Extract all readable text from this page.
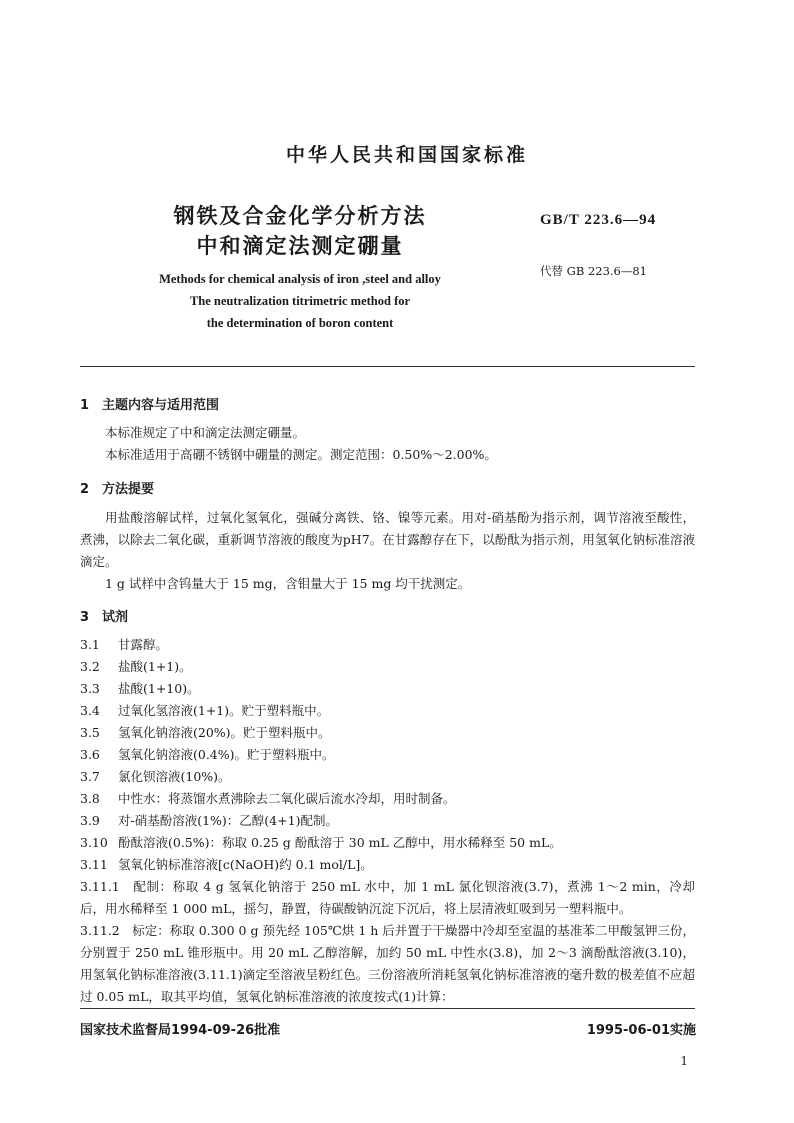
中华人民共和国国家标准
钢铁及合金化学分析方法
中和滴定法测定硼量
GB/T 223.6—94
代替 GB 223.6—81
Methods for chemical analysis of iron ,steel and alloy
The neutralization titrimetric method for
the determination of boron content
1 主题内容与适用范围
本标准规定了中和滴定法测定硼量。
本标准适用于高硼不锈钢中硼量的测定。测定范围：0.50%～2.00%。
2 方法提要
用盐酸溶解试样，过氧化氢氧化，强碱分离铁、铬、镍等元素。用对-硝基酚为指示剂，调节溶液至酸性，煮沸，以除去二氧化碳，重新调节溶液的酸度为pH7。在甘露醇存在下，以酚酞为指示剂，用氢氧化钠标准溶液滴定。
1 g 试样中含钨量大于 15 mg，含钼量大于 15 mg 均干扰测定。
3 试剂
3.1 甘露醇。
3.2 盐酸(1+1)。
3.3 盐酸(1+10)。
3.4 过氧化氢溶液(1+1)。贮于塑料瓶中。
3.5 氢氧化钠溶液(20%)。贮于塑料瓶中。
3.6 氢氧化钠溶液(0.4%)。贮于塑料瓶中。
3.7 氯化钡溶液(10%)。
3.8 中性水：将蒸馏水煮沸除去二氧化碳后流水冷却，用时制备。
3.9 对-硝基酚溶液(1%)：乙醇(4+1)配制。
3.10 酚酞溶液(0.5%)：称取 0.25 g 酚酞溶于 30 mL 乙醇中，用水稀释至 50 mL。
3.11 氢氧化钠标准溶液[c(NaOH)约 0.1 mol/L]。
3.11.1　配制：称取 4 g 氢氧化钠溶于 250 mL 水中，加 1 mL 氯化钡溶液(3.7)，煮沸 1～2 min，冷却后，用水稀释至 1 000 mL，摇匀，静置，待碳酸钠沉淀下沉后，将上层清液虹吸到另一塑料瓶中。
3.11.2　标定：称取 0.300 0 g 预先经 105℃烘 1 h 后并置于干燥器中冷却至室温的基准苯二甲酸氢钾三份，分别置于 250 mL 锥形瓶中。用 20 mL 乙醇溶解，加约 50 mL 中性水(3.8)，加 2～3 滴酚酞溶液(3.10)，用氢氧化钠标准溶液(3.11.1)滴定至溶液呈粉红色。三份溶液所消耗氢氧化钠标准溶液的毫升数的极差值不应超过 0.05 mL，取其平均值，氢氧化钠标准溶液的浓度按式(1)计算：
国家技术监督局1994-09-26批准	1995-06-01实施
1
